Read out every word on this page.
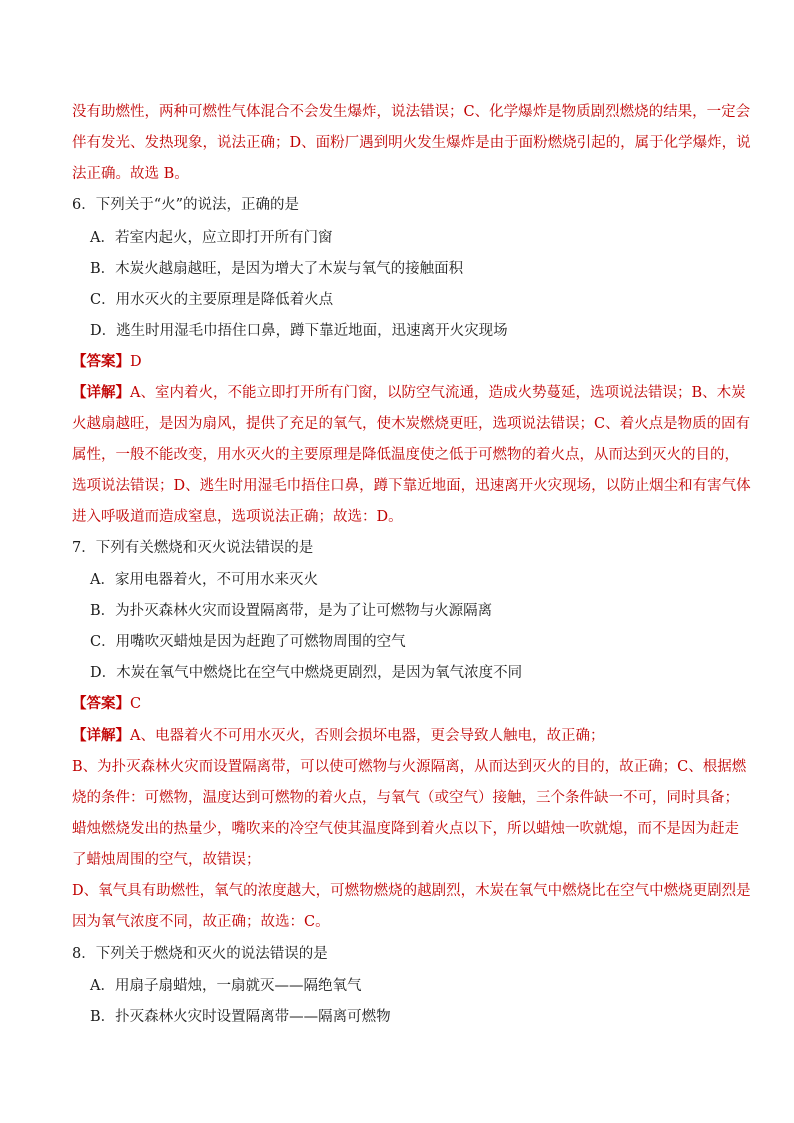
没有助燃性，两种可燃性气体混合不会发生爆炸，说法错误；C、化学爆炸是物质剧烈燃烧的结果，一定会
伴有发光、发热现象，说法正确；D、面粉厂遇到明火发生爆炸是由于面粉燃烧引起的，属于化学爆炸，说
法正确。故选 B。
6．下列关于“火”的说法，正确的是
A．若室内起火，应立即打开所有门窗
B．木炭火越扇越旺，是因为增大了木炭与氧气的接触面积
C．用水灭火的主要原理是降低着火点
D．逃生时用湿毛巾捂住口鼻，蹲下靠近地面，迅速离开火灾现场
【答案】D
【详解】A、室内着火，不能立即打开所有门窗，以防空气流通，造成火势蔓延，选项说法错误；B、木炭
火越扇越旺，是因为扇风，提供了充足的氧气，使木炭燃烧更旺，选项说法错误；C、着火点是物质的固有
属性，一般不能改变，用水灭火的主要原理是降低温度使之低于可燃物的着火点，从而达到灭火的目的，
选项说法错误；D、逃生时用湿毛巾捂住口鼻，蹲下靠近地面，迅速离开火灾现场，以防止烟尘和有害气体
进入呼吸道而造成窒息，选项说法正确；故选：D。
7．下列有关燃烧和灭火说法错误的是
A．家用电器着火，不可用水来灭火
B．为扑灭森林火灾而设置隔离带，是为了让可燃物与火源隔离
C．用嘴吹灭蜡烛是因为赶跑了可燃物周围的空气
D．木炭在氧气中燃烧比在空气中燃烧更剧烈，是因为氧气浓度不同
【答案】C
【详解】A、电器着火不可用水灭火，否则会损坏电器，更会导致人触电，故正确；
B、为扑灭森林火灾而设置隔离带，可以使可燃物与火源隔离，从而达到灭火的目的，故正确；C、根据燃
烧的条件：可燃物，温度达到可燃物的着火点，与氧气（或空气）接触，三个条件缺一不可，同时具备；
蜡烛燃烧发出的热量少，嘴吹来的冷空气使其温度降到着火点以下，所以蜡烛一吹就熄，而不是因为赶走
了蜡烛周围的空气，故错误；
D、氧气具有助燃性，氧气的浓度越大，可燃物燃烧的越剧烈，木炭在氧气中燃烧比在空气中燃烧更剧烈是
因为氧气浓度不同，故正确；故选：C。
8．下列关于燃烧和灭火的说法错误的是
A．用扇子扇蜡烛，一扇就灭——隔绝氧气
B．扑灭森林火灾时设置隔离带——隔离可燃物
